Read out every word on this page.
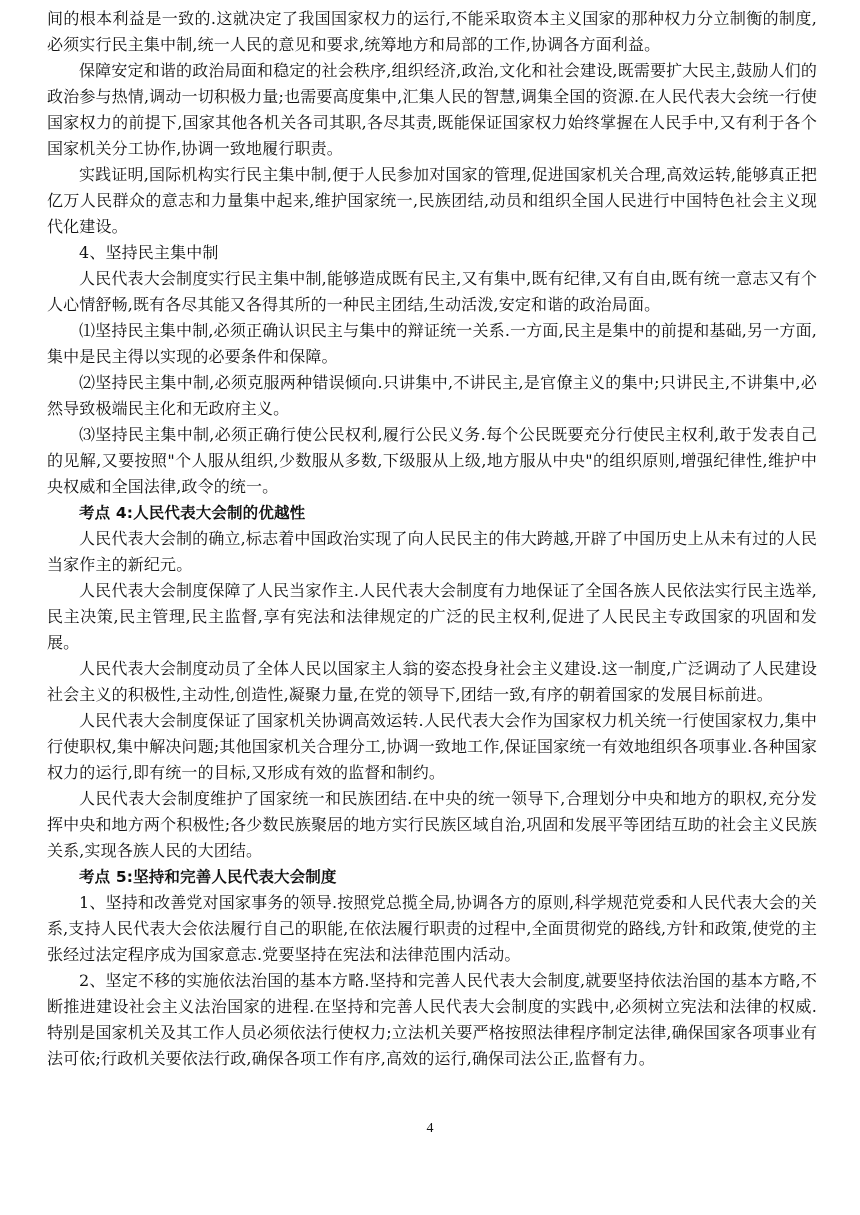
间的根本利益是一致的.这就决定了我国国家权力的运行,不能采取资本主义国家的那种权力分立制衡的制度,必须实行民主集中制,统一人民的意见和要求,统筹地方和局部的工作,协调各方面利益。

保障安定和谐的政治局面和稳定的社会秩序,组织经济,政治,文化和社会建设,既需要扩大民主,鼓励人们的政治参与热情,调动一切积极力量;也需要高度集中,汇集人民的智慧,调集全国的资源.在人民代表大会统一行使国家权力的前提下,国家其他各机关各司其职,各尽其责,既能保证国家权力始终掌握在人民手中,又有利于各个国家机关分工协作,协调一致地履行职责。

实践证明,国际机构实行民主集中制,便于人民参加对国家的管理,促进国家机关合理,高效运转,能够真正把亿万人民群众的意志和力量集中起来,维护国家统一,民族团结,动员和组织全国人民进行中国特色社会主义现代化建设。

4、坚持民主集中制

人民代表大会制度实行民主集中制,能够造成既有民主,又有集中,既有纪律,又有自由,既有统一意志又有个人心情舒畅,既有各尽其能又各得其所的一种民主团结,生动活泼,安定和谐的政治局面。

⑴坚持民主集中制,必须正确认识民主与集中的辩证统一关系.一方面,民主是集中的前提和基础,另一方面,集中是民主得以实现的必要条件和保障。

⑵坚持民主集中制,必须克服两种错误倾向.只讲集中,不讲民主,是官僚主义的集中;只讲民主,不讲集中,必然导致极端民主化和无政府主义。

⑶坚持民主集中制,必须正确行使公民权利,履行公民义务.每个公民既要充分行使民主权利,敢于发表自己的见解,又要按照"个人服从组织,少数服从多数,下级服从上级,地方服从中央"的组织原则,增强纪律性,维护中央权威和全国法律,政令的统一。

考点 4:人民代表大会制的优越性

人民代表大会制的确立,标志着中国政治实现了向人民民主的伟大跨越,开辟了中国历史上从未有过的人民当家作主的新纪元。

人民代表大会制度保障了人民当家作主.人民代表大会制度有力地保证了全国各族人民依法实行民主选举,民主决策,民主管理,民主监督,享有宪法和法律规定的广泛的民主权利,促进了人民民主专政国家的巩固和发展。

人民代表大会制度动员了全体人民以国家主人翁的姿态投身社会主义建设.这一制度,广泛调动了人民建设社会主义的积极性,主动性,创造性,凝聚力量,在党的领导下,团结一致,有序的朝着国家的发展目标前进。

人民代表大会制度保证了国家机关协调高效运转.人民代表大会作为国家权力机关统一行使国家权力,集中行使职权,集中解决问题;其他国家机关合理分工,协调一致地工作,保证国家统一有效地组织各项事业.各种国家权力的运行,即有统一的目标,又形成有效的监督和制约。

人民代表大会制度维护了国家统一和民族团结.在中央的统一领导下,合理划分中央和地方的职权,充分发挥中央和地方两个积极性;各少数民族聚居的地方实行民族区域自治,巩固和发展平等团结互助的社会主义民族关系,实现各族人民的大团结。

考点 5:坚持和完善人民代表大会制度

1、坚持和改善党对国家事务的领导.按照党总揽全局,协调各方的原则,科学规范党委和人民代表大会的关系,支持人民代表大会依法履行自己的职能,在依法履行职责的过程中,全面贯彻党的路线,方针和政策,使党的主张经过法定程序成为国家意志.党要坚持在宪法和法律范围内活动。

2、坚定不移的实施依法治国的基本方略.坚持和完善人民代表大会制度,就要坚持依法治国的基本方略,不断推进建设社会主义法治国家的进程.在坚持和完善人民代表大会制度的实践中,必须树立宪法和法律的权威.特别是国家机关及其工作人员必须依法行使权力;立法机关要严格按照法律程序制定法律,确保国家各项事业有法可依;行政机关要依法行政,确保各项工作有序,高效的运行,确保司法公正,监督有力。

4
